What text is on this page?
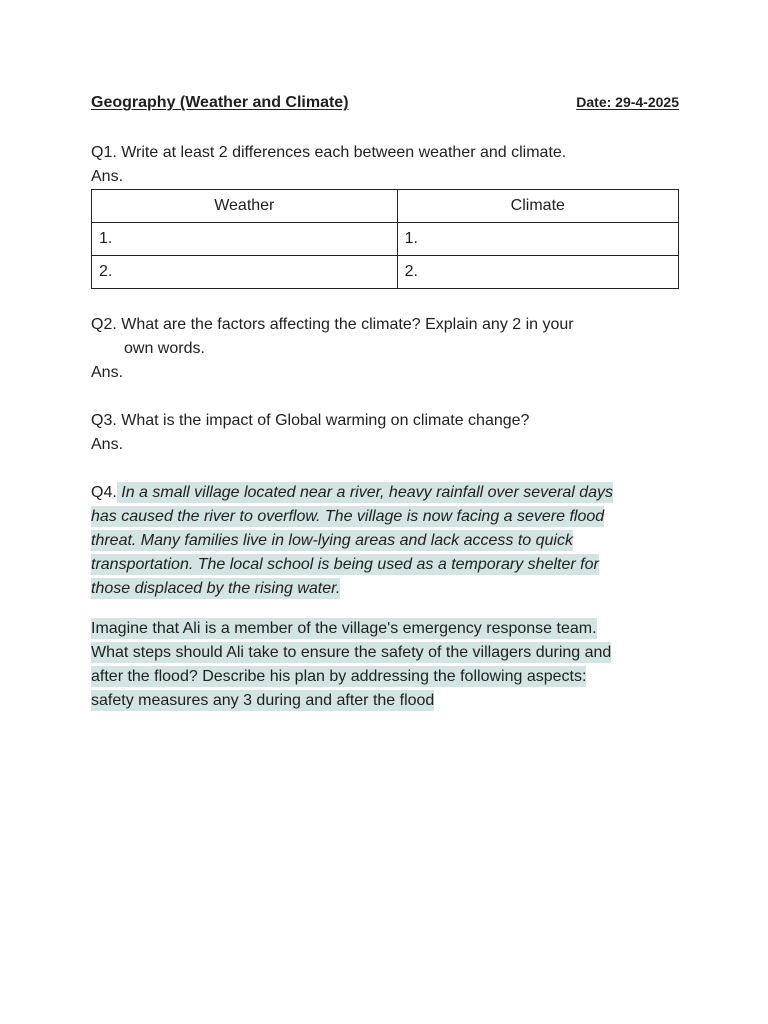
Geography (Weather and Climate)	Date: 29-4-2025
Q1. Write at least 2 differences each between weather and climate.
Ans.
Weather	Climate
1.	1.
2.	2.
Q2. What are the factors affecting the climate? Explain any 2 in your
own words.
Ans.
Q3. What is the impact of Global warming on climate change?
Ans.
Q4. In a small village located near a river, heavy rainfall over several days
has caused the river to overflow. The village is now facing a severe flood
threat. Many families live in low-lying areas and lack access to quick
transportation. The local school is being used as a temporary shelter for
those displaced by the rising water.
Imagine that Ali is a member of the village's emergency response team.
What steps should Ali take to ensure the safety of the villagers during and
after the flood? Describe his plan by addressing the following aspects:
safety measures any 3 during and after the flood
